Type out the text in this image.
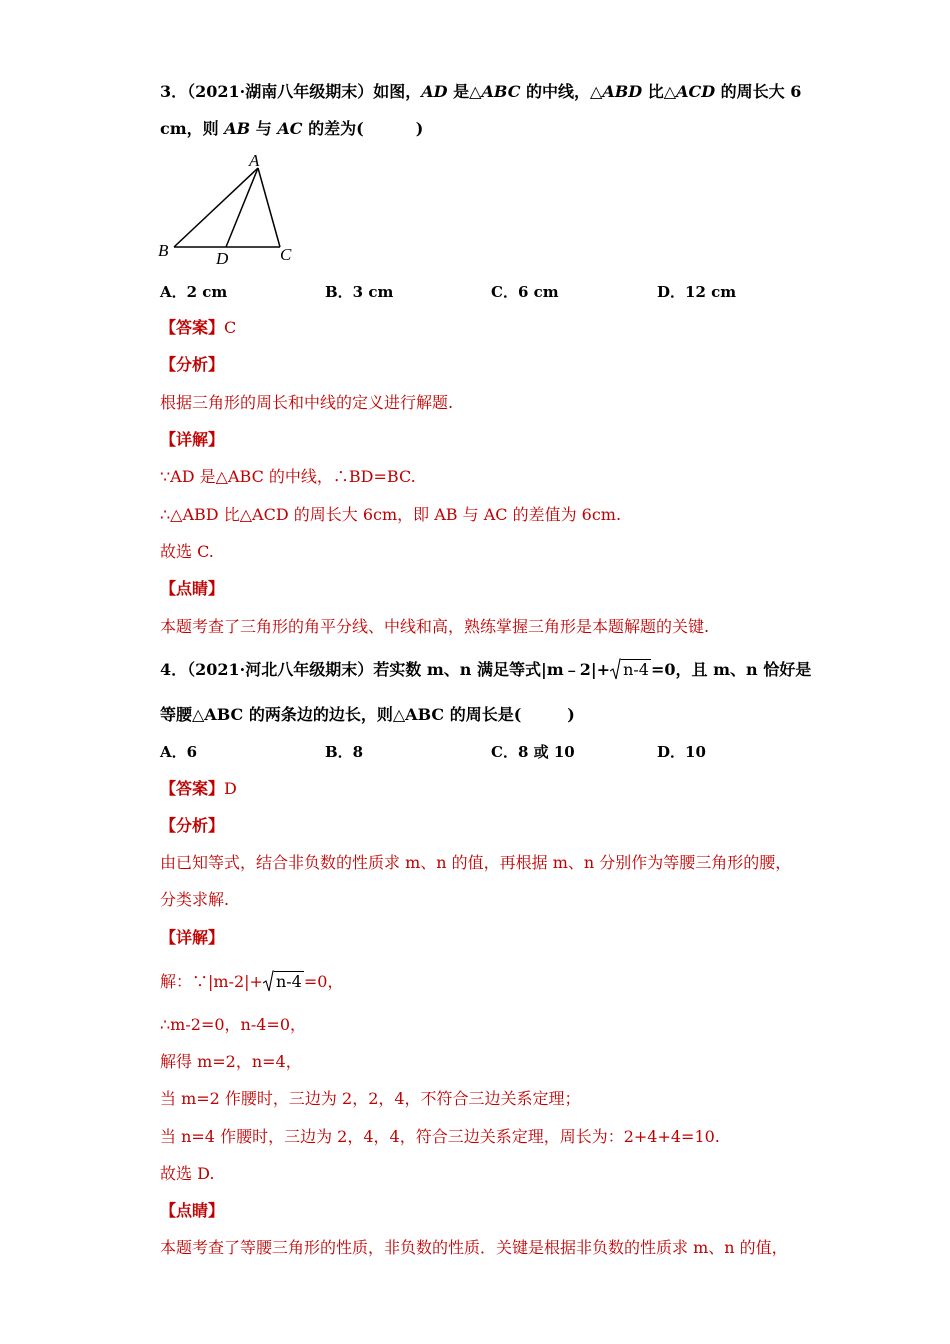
3．（2021·湖南八年级期末）如图，AD 是△ABC 的中线，△ABD 比△ACD 的周长大 6
cm，则 AB 与 AC 的差为(	)
A
B	C
D
A．2 cm	B．3 cm	C．6 cm	D．12 cm
【答案】C
【分析】
根据三角形的周长和中线的定义进行解题.
【详解】
∵AD 是△ABC 的中线，∴BD=BC.
∴△ABD 比△ACD 的周长大 6cm，即 AB 与 AC 的差值为 6cm.
故选 C.
【点睛】
本题考查了三角形的角平分线、中线和高，熟练掌握三角形是本题解题的关键.
4．（2021·河北八年级期末）若实数 m、n 满足等式|m﹣2|+ n-4 =0，且 m、n 恰好是
等腰△ABC 的两条边的边长，则△ABC 的周长是(	)
A．6	B．8	C．8 或 10	D．10
【答案】D
【分析】
由已知等式，结合非负数的性质求 m、n 的值，再根据 m、n 分别作为等腰三角形的腰，
分类求解.
【详解】
解：∵|m-2|+ n-4 =0，
∴m-2=0，n-4=0，
解得 m=2，n=4，
当 m=2 作腰时，三边为 2，2，4，不符合三边关系定理；
当 n=4 作腰时，三边为 2，4，4，符合三边关系定理，周长为：2+4+4=10.
故选 D.
【点睛】
本题考查了等腰三角形的性质，非负数的性质．关键是根据非负数的性质求 m、n 的值，
